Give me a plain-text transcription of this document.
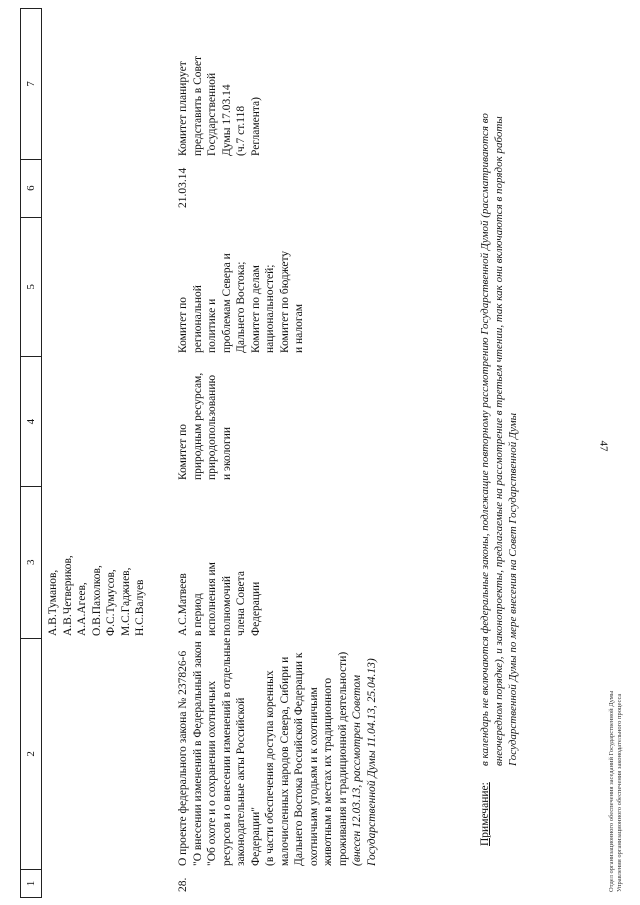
47
1
2
3
4
5
6
7
А.В.Туманов, А.В.Четвериков, А.А.Агеев, О.В.Пахолков, Ф.С.Тумусов, М.С.Гаджиев, Н.С.Валуев
28.
О проекте федерального закона № 237826-6 "О внесении изменений в Федеральный закон "Об охоте и о сохранении охотничьих ресурсов и о внесении изменений в отдельные законодательные акты Российской Федерации" (в части обеспечения доступа коренных малочисленных народов Севера, Сибири и Дальнего Востока Российской Федерации к охотничьим угодьям и к охотничьим животным в местах их традиционного проживания и традиционной деятельности) (внесен 12.03.13, рассмотрен Советом Государственной Думы 11.04.13, 25.04.13)
А.С.Матвеев в период исполнения им полномочий члена Совета Федерации
Комитет по природным ресурсам, природопользованию и экологии
Комитет по региональной политике и проблемам Севера и Дальнего Востока; Комитет по делам национальностей; Комитет по бюджету и налогам
21.03.14
Комитет планирует представить в Совет Государственной Думы 17.03.14 (ч.7 ст.118 Регламента)
Примечание:
в календарь не включаются федеральные законы, подлежащие повторному рассмотрению Государственной Думой (рассматриваются во внеочередном порядке), и законопроекты, предлагаемые на рассмотрение в третьем чтении, так как они включаются в порядок работы Государственной Думы по мере внесения на Совет Государственной Думы
Отдел организационного обеспечения заседаний Государственной Думы Управления организационного обеспечения законодательного процесса
